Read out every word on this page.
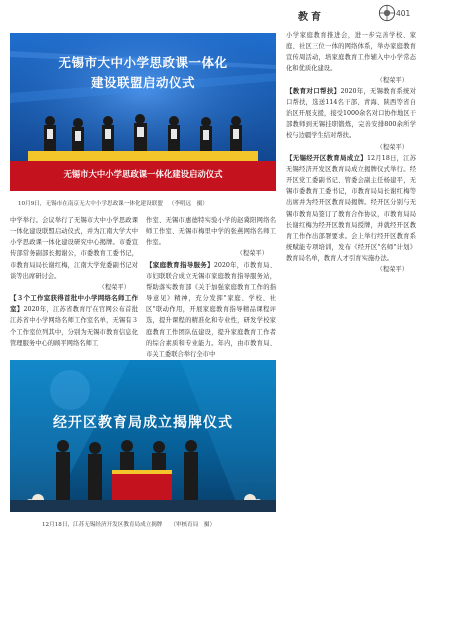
教育	401
无锡市大中小学思政课一体化
建设联盟启动仪式
无锡市大中小学思政课一体化建设启动仪式
10月9日，无锡市在南京无大中小学思政课一体化建设联盟 （李明远　摄）

中学举行。会议举行了无锡市大中小学思政课一体化建设联盟启动仪式，并为江南大学大中小学思政课一体化建设研究中心揭牌。市委宣传部常务副部长揭谢公，市委教育工委书记，市教育局局长谢红梅，江南大学党委副书记对谈等出席研讨会。

（程荣平）

【３个工作室获得首批中小学网络名师工作室】2020年，江苏省教育厅在官网公布首批江苏省中小学网络名师工作室名单，无锡有３个工作室位列其中，分别为无锡市教育信息化管理服务中心的顾平网络名师工

作室、无锡市惠德特实验小学的赵冀阳网络名师工作室、无锡市梅里中学的张燕网络名师工作室。

（程荣平）

【家庭教育指导服务】2020年，市教育局、市妇联联合成立无锡市家庭教育指导服务站，帮助落实教育部《关于加强家庭教育工作的指导意见》精神，充分发挥"家庭、学校、社区"联动作用，开展家庭教育指导精品课程评选，提升课程的精准化和专业性，研发学校家庭教育工作团队伍建设，提升家庭教育工作者的综合素质和专业能力。年内，由市教育局、市关工委联合举行全市中

小学家庭教育推进会，进一步完善学校、家庭、社区三位一体的网络体系，举办家庭教育宣传周活动，培家庭教育工作辅入中小学常态化和优质化建设。

（程荣平）

【教育对口帮扶】2020年，无锡教育系统对口帮扶，选送114名干部、青海、陕西等省自治区开展支援，接受1000余名对口协作地区干部教师到无锡挂职锻炼，完善安排800余所学校与边疆学生结对帮扶。

（程荣平）

【无锡经开区教育局成立】12月18日，江苏无锡经济开发区教育局成立揭牌仪式举行。经开区党工委副书记、管委会副主任杨建平，无锡市委教育工委书记，市教育局局长谢红梅等出席并为经开区教育局揭牌。经开区分别与无锡市教育局签订了教育合作协议，市教育局局长谢红梅为经开区教育局授牌，并就经开区教育工作作出部署要求。会上举行经开区教育系统赋能专项培训，发布《经开区"名师"计划》教育局名单，教育人才引育实施办法。

（程荣平）
经开区教育局成立揭牌仪式
12月18日，江苏无锡经济开发区教育局成立揭牌 （审核育局　摄）
